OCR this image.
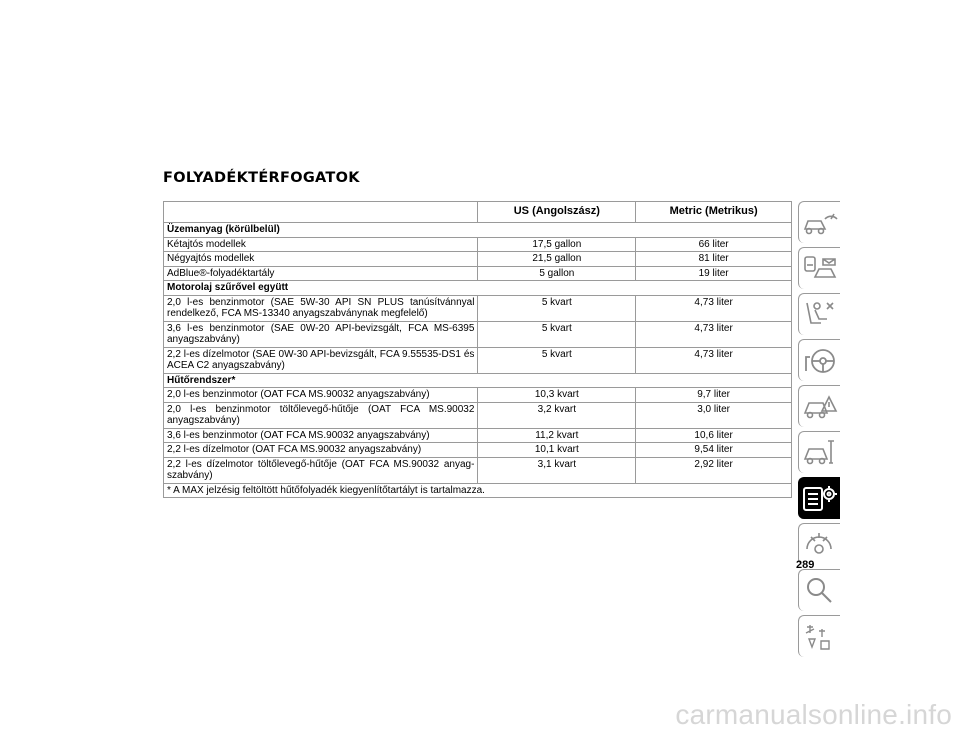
FOLYADÉKTÉRFOGATOK
	US (Angolszász)	Metric (Metrikus)
Üzemanyag (körülbelül)		
Kétajtós modellek	17,5 gallon	66 liter
Négyajtós modellek	21,5 gallon	81 liter
AdBlue®-folyadéktartály	5 gallon	19 liter
Motorolaj szűrővel együtt		
2,0 l-es benzinmotor (SAE 5W-30 API SN PLUS tanúsítvánnyal rendelkező, FCA MS-13340 anyagszabványnak megfelelő)	5 kvart	4,73 liter
3,6 l-es benzinmotor (SAE 0W-20 API-bevizsgált, FCA MS-6395 anyagszabvány)	5 kvart	4,73 liter
2,2 l-es dízelmotor (SAE 0W-30 API-bevizsgált, FCA 9.55535-DS1 és ACEA C2 anyagszabvány)	5 kvart	4,73 liter
Hűtőrendszer*		
2,0 l-es benzinmotor (OAT FCA MS.90032 anyagszabvány)	10,3 kvart	9,7 liter
2,0 l-es benzinmotor töltőlevegő-hűtője (OAT FCA MS.90032 anyagszabvány)	3,2 kvart	3,0 liter
3,6 l-es benzinmotor (OAT FCA MS.90032 anyagszabvány)	11,2 kvart	10,6 liter
2,2 l-es dízelmotor (OAT FCA MS.90032 anyagszabvány)	10,1 kvart	9,54 liter
2,2 l-es dízelmotor töltőlevegő-hűtője (OAT FCA MS.90032 anyag-szabvány)	3,1 kvart	2,92 liter
* A MAX jelzésig feltöltött hűtőfolyadék kiegyenlítőtartályt is tartalmazza.		
289
carmanualsonline.info
